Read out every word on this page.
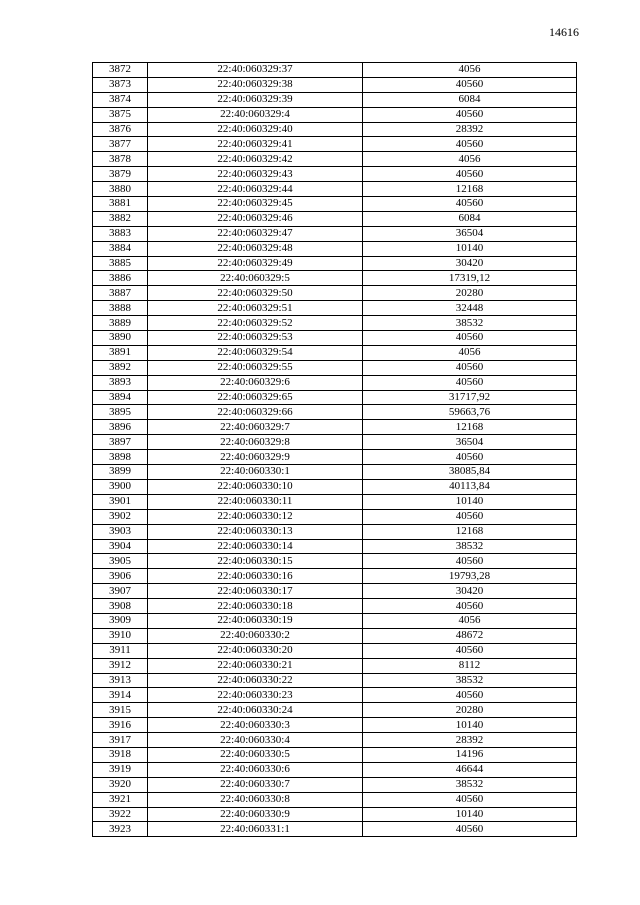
14616
3872	22:40:060329:37	4056
3873	22:40:060329:38	40560
3874	22:40:060329:39	6084
3875	22:40:060329:4	40560
3876	22:40:060329:40	28392
3877	22:40:060329:41	40560
3878	22:40:060329:42	4056
3879	22:40:060329:43	40560
3880	22:40:060329:44	12168
3881	22:40:060329:45	40560
3882	22:40:060329:46	6084
3883	22:40:060329:47	36504
3884	22:40:060329:48	10140
3885	22:40:060329:49	30420
3886	22:40:060329:5	17319,12
3887	22:40:060329:50	20280
3888	22:40:060329:51	32448
3889	22:40:060329:52	38532
3890	22:40:060329:53	40560
3891	22:40:060329:54	4056
3892	22:40:060329:55	40560
3893	22:40:060329:6	40560
3894	22:40:060329:65	31717,92
3895	22:40:060329:66	59663,76
3896	22:40:060329:7	12168
3897	22:40:060329:8	36504
3898	22:40:060329:9	40560
3899	22:40:060330:1	38085,84
3900	22:40:060330:10	40113,84
3901	22:40:060330:11	10140
3902	22:40:060330:12	40560
3903	22:40:060330:13	12168
3904	22:40:060330:14	38532
3905	22:40:060330:15	40560
3906	22:40:060330:16	19793,28
3907	22:40:060330:17	30420
3908	22:40:060330:18	40560
3909	22:40:060330:19	4056
3910	22:40:060330:2	48672
3911	22:40:060330:20	40560
3912	22:40:060330:21	8112
3913	22:40:060330:22	38532
3914	22:40:060330:23	40560
3915	22:40:060330:24	20280
3916	22:40:060330:3	10140
3917	22:40:060330:4	28392
3918	22:40:060330:5	14196
3919	22:40:060330:6	46644
3920	22:40:060330:7	38532
3921	22:40:060330:8	40560
3922	22:40:060330:9	10140
3923	22:40:060331:1	40560
